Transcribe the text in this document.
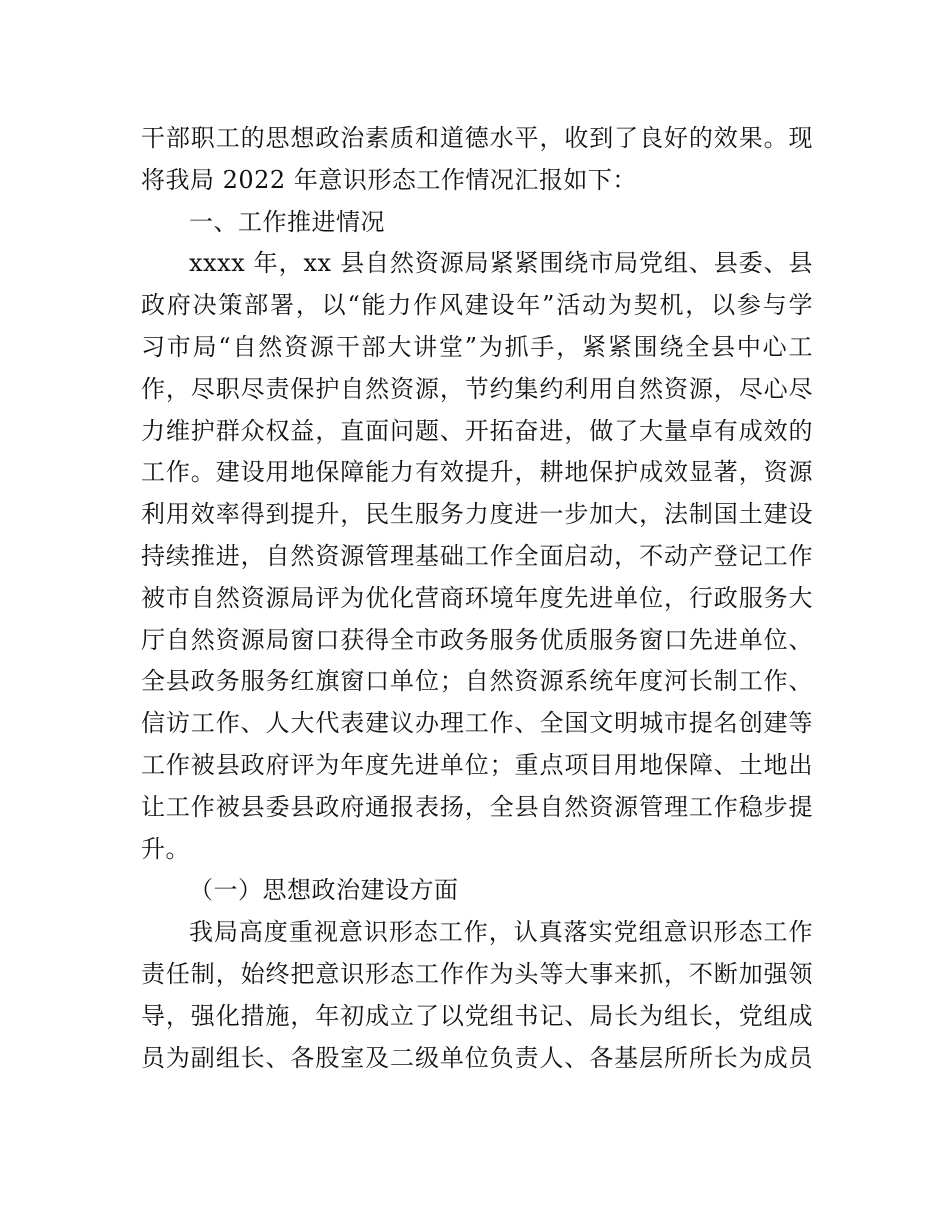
干部职工的思想政治素质和道德水平，收到了良好的效果。现
将我局 2022 年意识形态工作情况汇报如下：
一、工作推进情况
xxxx 年，xx 县自然资源局紧紧围绕市局党组、县委、县
政府决策部署，以“能力作风建设年”活动为契机，以参与学
习市局“自然资源干部大讲堂”为抓手，紧紧围绕全县中心工
作，尽职尽责保护自然资源，节约集约利用自然资源，尽心尽
力维护群众权益，直面问题、开拓奋进，做了大量卓有成效的
工作。建设用地保障能力有效提升，耕地保护成效显著，资源
利用效率得到提升，民生服务力度进一步加大，法制国土建设
持续推进，自然资源管理基础工作全面启动，不动产登记工作
被市自然资源局评为优化营商环境年度先进单位，行政服务大
厅自然资源局窗口获得全市政务服务优质服务窗口先进单位、
全县政务服务红旗窗口单位；自然资源系统年度河长制工作、
信访工作、人大代表建议办理工作、全国文明城市提名创建等
工作被县政府评为年度先进单位；重点项目用地保障、土地出
让工作被县委县政府通报表扬，全县自然资源管理工作稳步提
升。
（一）思想政治建设方面
我局高度重视意识形态工作，认真落实党组意识形态工作
责任制，始终把意识形态工作作为头等大事来抓，不断加强领
导，强化措施，年初成立了以党组书记、局长为组长，党组成
员为副组长、各股室及二级单位负责人、各基层所所长为成员
